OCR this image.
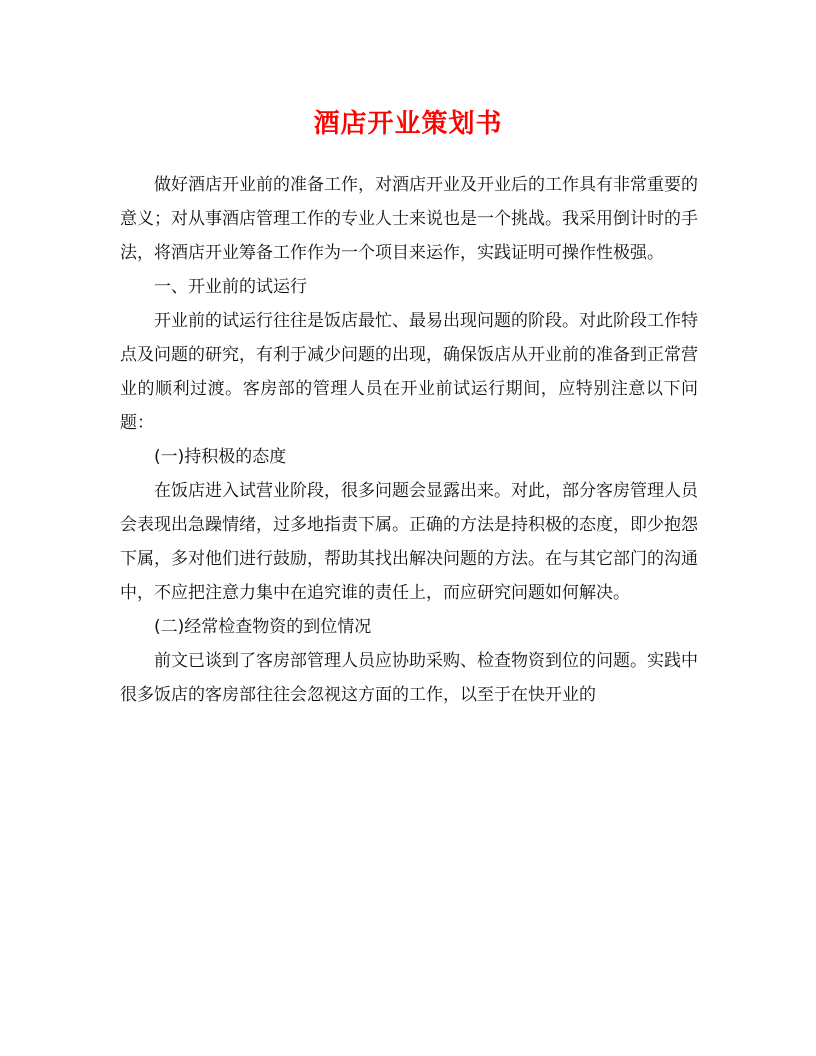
酒店开业策划书

做好酒店开业前的准备工作，对酒店开业及开业后的工作具有非常重要的意义；对从事酒店管理工作的专业人士来说也是一个挑战。我采用倒计时的手法，将酒店开业筹备工作作为一个项目来运作，实践证明可操作性极强。

一、开业前的试运行

开业前的试运行往往是饭店最忙、最易出现问题的阶段。对此阶段工作特点及问题的研究，有利于减少问题的出现，确保饭店从开业前的准备到正常营业的顺利过渡。客房部的管理人员在开业前试运行期间，应特别注意以下问题：

(一)持积极的态度

在饭店进入试营业阶段，很多问题会显露出来。对此，部分客房管理人员会表现出急躁情绪，过多地指责下属。正确的方法是持积极的态度，即少抱怨下属，多对他们进行鼓励，帮助其找出解决问题的方法。在与其它部门的沟通中，不应把注意力集中在追究谁的责任上，而应研究问题如何解决。

(二)经常检查物资的到位情况

前文已谈到了客房部管理人员应协助采购、检查物资到位的问题。实践中很多饭店的客房部往往会忽视这方面的工作，以至于在快开业的
